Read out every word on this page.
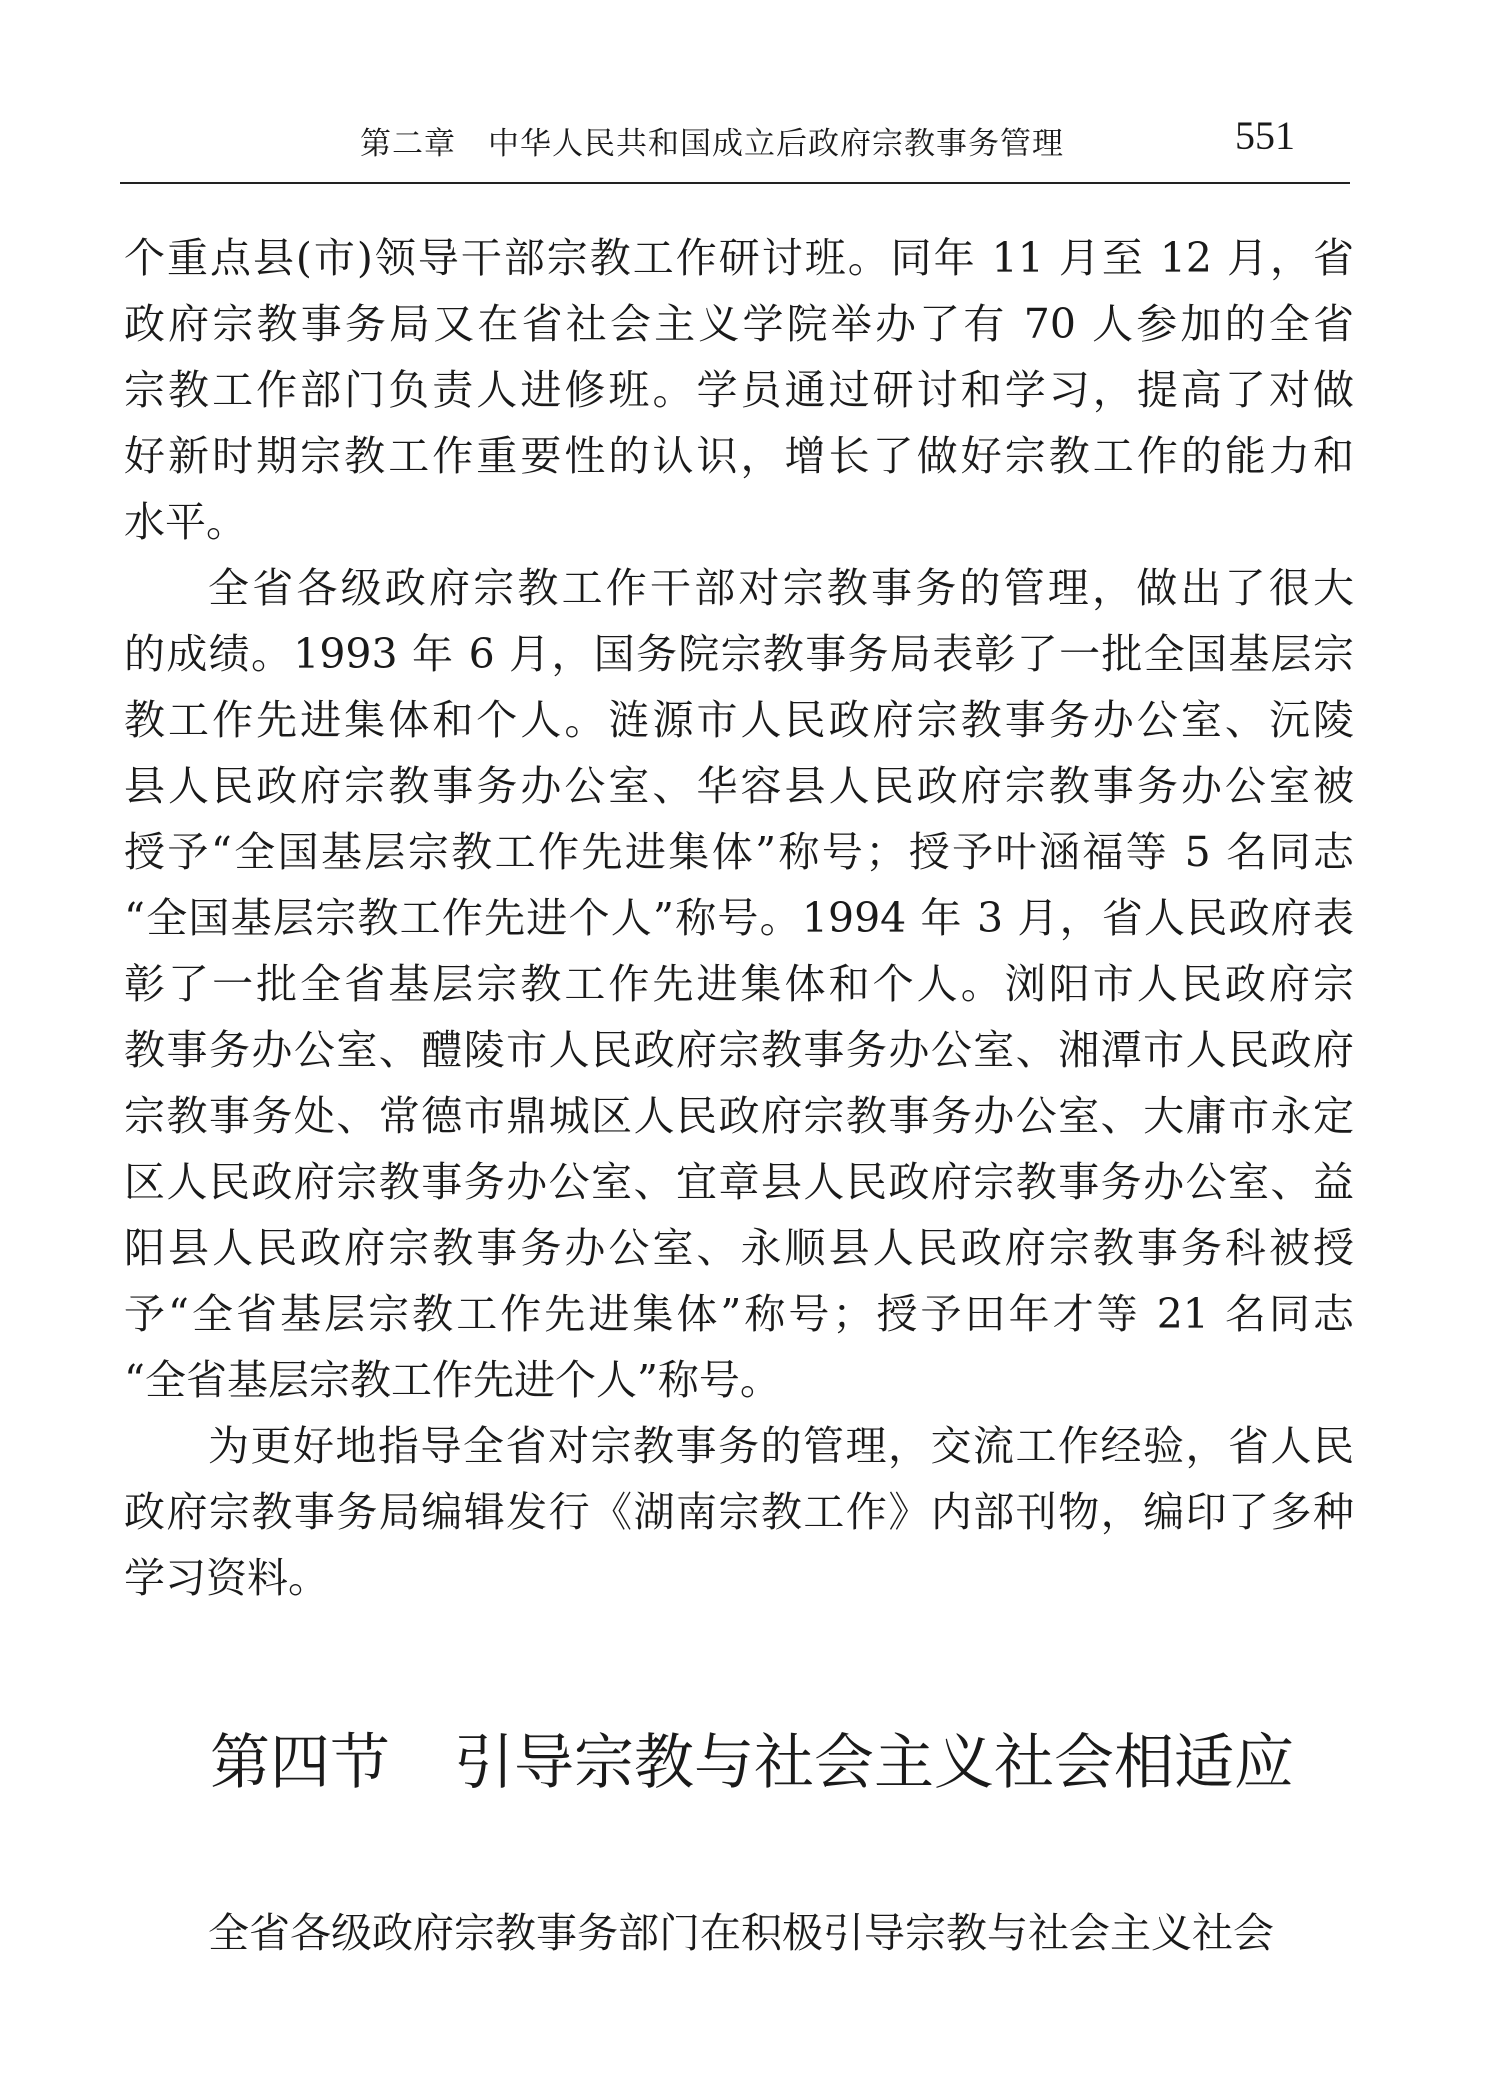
第二章　中华人民共和国成立后政府宗教事务管理	551
个重点县(市)领导干部宗教工作研讨班。同年 11 月至 12 月，省
政府宗教事务局又在省社会主义学院举办了有 70 人参加的全省
宗教工作部门负责人进修班。学员通过研讨和学习，提高了对做
好新时期宗教工作重要性的认识，增长了做好宗教工作的能力和
水平。
全省各级政府宗教工作干部对宗教事务的管理，做出了很大
的成绩。1993 年 6 月，国务院宗教事务局表彰了一批全国基层宗
教工作先进集体和个人。涟源市人民政府宗教事务办公室、沅陵
县人民政府宗教事务办公室、华容县人民政府宗教事务办公室被
授予“全国基层宗教工作先进集体”称号；授予叶涵福等 5 名同志
“全国基层宗教工作先进个人”称号。1994 年 3 月，省人民政府表
彰了一批全省基层宗教工作先进集体和个人。浏阳市人民政府宗
教事务办公室、醴陵市人民政府宗教事务办公室、湘潭市人民政府
宗教事务处、常德市鼎城区人民政府宗教事务办公室、大庸市永定
区人民政府宗教事务办公室、宜章县人民政府宗教事务办公室、益
阳县人民政府宗教事务办公室、永顺县人民政府宗教事务科被授
予“全省基层宗教工作先进集体”称号；授予田年才等 21 名同志
“全省基层宗教工作先进个人”称号。
为更好地指导全省对宗教事务的管理，交流工作经验，省人民
政府宗教事务局编辑发行《湖南宗教工作》内部刊物，编印了多种
学习资料。
第四节 引导宗教与社会主义社会相适应
全省各级政府宗教事务部门在积极引导宗教与社会主义社会
